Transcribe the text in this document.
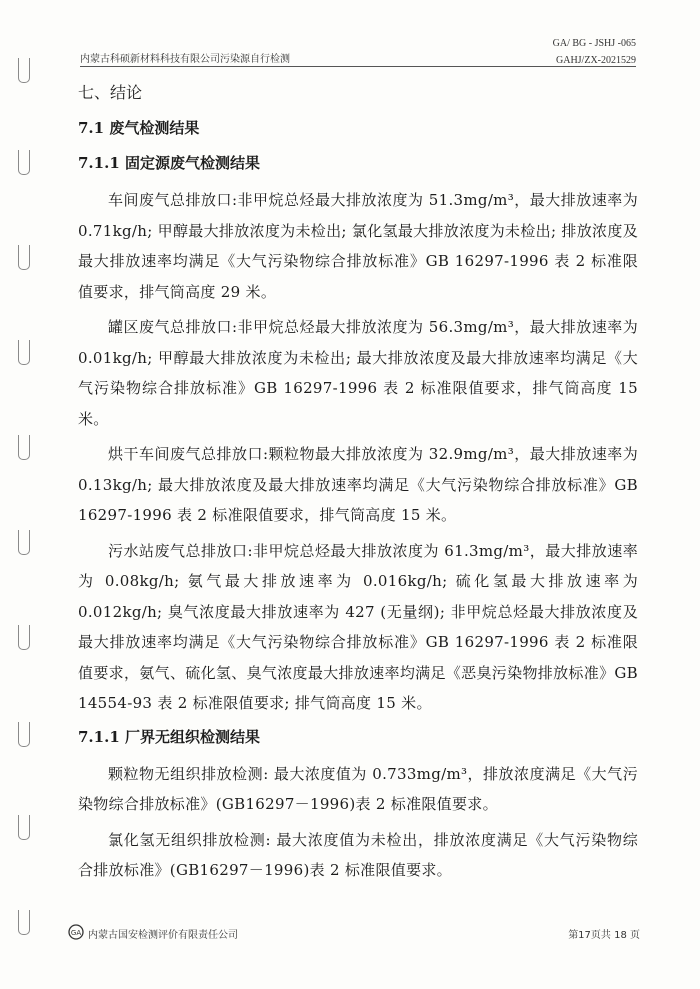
内蒙古科硕新材料科技有限公司污染源自行检测
GA/ BG - JSHJ -065
GAHJ/ZX-2021529
七、结论
7.1 废气检测结果
7.1.1 固定源废气检测结果

车间废气总排放口:非甲烷总烃最大排放浓度为 51.3mg/m³，最大排放速率为 0.71kg/h; 甲醇最大排放浓度为未检出; 氯化氢最大排放浓度为未检出; 排放浓度及最大排放速率均满足《大气污染物综合排放标准》GB 16297-1996 表 2 标准限值要求，排气筒高度 29 米。

罐区废气总排放口:非甲烷总烃最大排放浓度为 56.3mg/m³，最大排放速率为 0.01kg/h; 甲醇最大排放浓度为未检出; 最大排放浓度及最大排放速率均满足《大气污染物综合排放标准》GB 16297-1996 表 2 标准限值要求，排气筒高度 15 米。

烘干车间废气总排放口:颗粒物最大排放浓度为 32.9mg/m³，最大排放速率为 0.13kg/h; 最大排放浓度及最大排放速率均满足《大气污染物综合排放标准》GB 16297-1996 表 2 标准限值要求，排气筒高度 15 米。

污水站废气总排放口:非甲烷总烃最大排放浓度为 61.3mg/m³，最大排放速率为 0.08kg/h; 氨气最大排放速率为 0.016kg/h; 硫化氢最大排放速率为 0.012kg/h; 臭气浓度最大排放速率为 427 (无量纲); 非甲烷总烃最大排放浓度及最大排放速率均满足《大气污染物综合排放标准》GB 16297-1996 表 2 标准限值要求，氨气、硫化氢、臭气浓度最大排放速率均满足《恶臭污染物排放标准》GB 14554-93 表 2 标准限值要求; 排气筒高度 15 米。

7.1.1 厂界无组织检测结果

颗粒物无组织排放检测: 最大浓度值为 0.733mg/m³，排放浓度满足《大气污染物综合排放标准》(GB16297－1996)表 2 标准限值要求。

氯化氢无组织排放检测: 最大浓度值为未检出，排放浓度满足《大气污染物综合排放标准》(GB16297－1996)表 2 标准限值要求。

GA 内蒙古国安检测评价有限责任公司	第17页共 18 页
